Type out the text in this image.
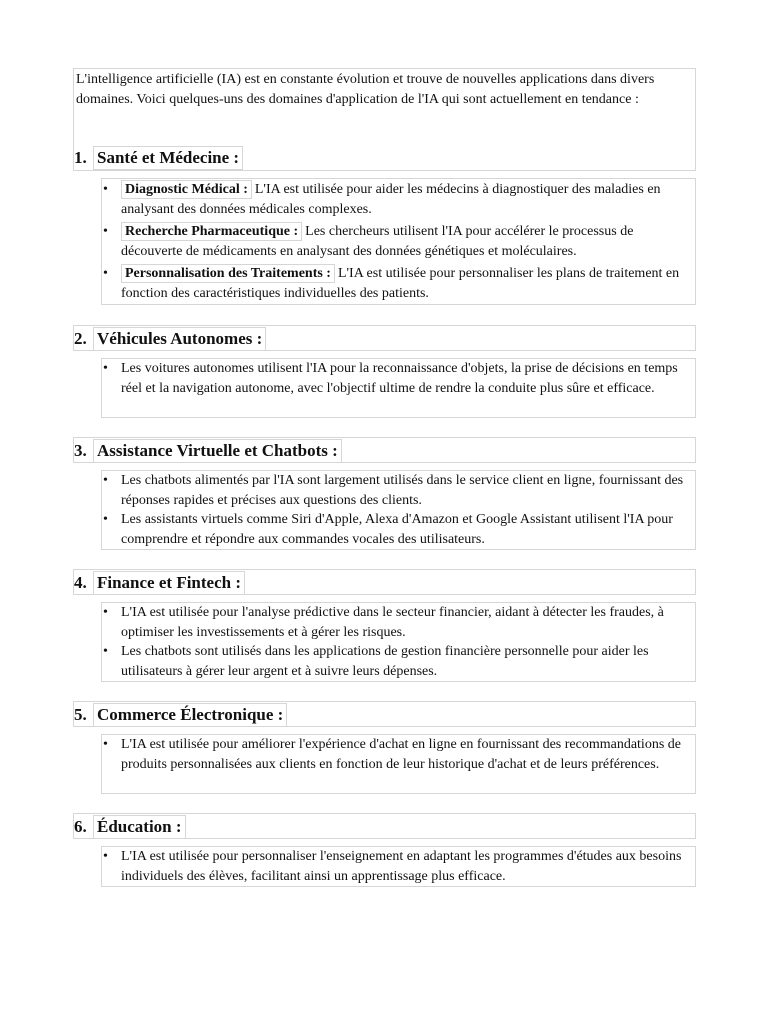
L'intelligence artificielle (IA) est en constante évolution et trouve de nouvelles applications dans divers domaines. Voici quelques-uns des domaines d'application de l'IA qui sont actuellement en tendance :
1. Santé et Médecine :
• Diagnostic Médical : L'IA est utilisée pour aider les médecins à diagnostiquer des maladies en analysant des données médicales complexes.
• Recherche Pharmaceutique : Les chercheurs utilisent l'IA pour accélérer le processus de découverte de médicaments en analysant des données génétiques et moléculaires.
• Personnalisation des Traitements : L'IA est utilisée pour personnaliser les plans de traitement en fonction des caractéristiques individuelles des patients.
2. Véhicules Autonomes :
• Les voitures autonomes utilisent l'IA pour la reconnaissance d'objets, la prise de décisions en temps réel et la navigation autonome, avec l'objectif ultime de rendre la conduite plus sûre et efficace.
3. Assistance Virtuelle et Chatbots :
• Les chatbots alimentés par l'IA sont largement utilisés dans le service client en ligne, fournissant des réponses rapides et précises aux questions des clients.
• Les assistants virtuels comme Siri d'Apple, Alexa d'Amazon et Google Assistant utilisent l'IA pour comprendre et répondre aux commandes vocales des utilisateurs.
4. Finance et Fintech :
• L'IA est utilisée pour l'analyse prédictive dans le secteur financier, aidant à détecter les fraudes, à optimiser les investissements et à gérer les risques.
• Les chatbots sont utilisés dans les applications de gestion financière personnelle pour aider les utilisateurs à gérer leur argent et à suivre leurs dépenses.
5. Commerce Électronique :
• L'IA est utilisée pour améliorer l'expérience d'achat en ligne en fournissant des recommandations de produits personnalisées aux clients en fonction de leur historique d'achat et de leurs préférences.
6. Éducation :
• L'IA est utilisée pour personnaliser l'enseignement en adaptant les programmes d'études aux besoins individuels des élèves, facilitant ainsi un apprentissage plus efficace.
